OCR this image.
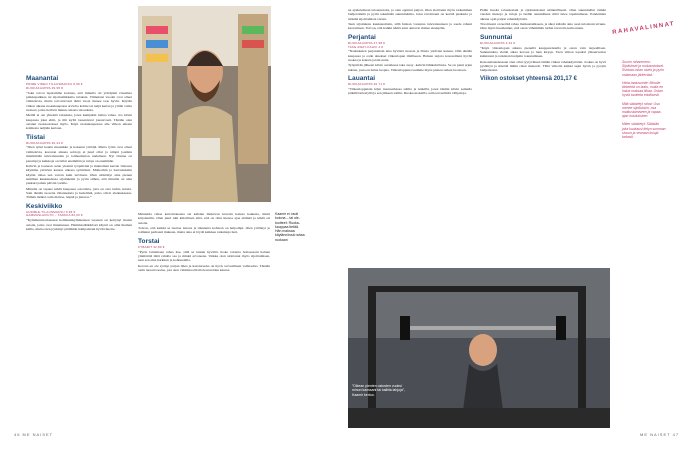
RAHAVALINNAT
Maanantai
PRIME VIDEO TILAUSMAKSU 8,99 €
RUOKAKAUPPA 29,95 €

”Joku toivoi lapsiamme koiruus, että minulla oli yrittäjänä viraalista paikkapaikkaa tai sijoitusliikkaita tuloksia. Viimeistet vuodet ovat olleet vaihtelevia, mutta toivottavasti tämä vuosi menee taas hyvin. Käytän viikon aikana ruokakaupassa arviolta kolme tai neljä kertaa ja yritän valita tuotteet, jotka tietävät minun omasta taloudesta.

Meillä ei ole yhteisiä talouksia, joten kumpikin laittaa rahaa. Jos kävin kaupassa joku ehtii, ja tilit kyllä tasaantuvat joustavasti. Tänään olen ostanut ruokaostokset myös. Käyn ruokakaupoissa alle viikon aikana kolmesta neljään kertaan.

Tiistai
RUOKAKAUPPA 30,24 €

”Olen työni kautta muusikko ja kokenut yrittäjä. Mutta työni ovat olleet vaihtelevia, koronan aikana soittoja ei juuri ollut ja niinpä jouduin miettimään tulevaisuuden ja toimeentulon uudelleen. Nyt tilanne on parempi ja keikkoja on tullut enemmän ja tuloja on enemmän.

Kahvin ja lounaan ostan yleensä työpäivinä ja muutaman kerran viikossa käymme ystävien kanssa ulkona syömässä. Matkoihin ja harrastuksiin käytän rahaa sen verran kuin tarvitsen. Olen säästänyt aina pienen summan kuukaudessa sijoituksiin ja pyrin siihen, että minulla on aina puskuri pahan päivän varalle.

Minulla on tapana tehdä kaupassa ostoslista, jotta en osta turhia asioita. Sain tänään tuoreita vihanneksia ja hedelmiä, jotka olivat alennuksessa. Tämän lisäksi ostin maitoa, leipää ja juustoa.”

Keskiviikko
AUDIBLE-TILAUSMAKSU 9,95 €
HAMMASHUOLTO – TARKKA 82,00 €

”Kymmenvuotiaaseen kolmisenkymmeneen vuoteen on kertynyt monia asioita, jotka ovat muuttuneet. Hammaslääkärissä käynti on ollut hieman kallis, mutta olen pyrkinyt pitämään hampaistani hyvää huolta.

Kaamir ei osoit kotona – tai ole- tuotteet: Ruoka- kauppaa tietää. Hän maksaa käytännössä rahaa ruokaan

Minuuttia rahaa kartoittaneena sai kahden mukavan kaverin kanssa kaikesta, mistä kirjoitettiin. Olen juuri niin kiitollinen siitä, että on ollut hienoa ajaa elämää ja tehdä eri asioita.

Toivon, että kaikki se tuottaa tulosta ja tilannetta kohtaan on helpompi. Olen yrittänyt ja toiminut parhaani mukaan, mutta aina ei löydä kaikkea ratkaisuja heti.

Torstai
KYBARIT 32,80 €

”Pyrin laittamaan rahaa itse, sillä se tuntuu hyvältä. Koko taloutta hoitaessani haluan ymmärtää mitä rahalla saa ja minkä arvoisena. Vaikka olen aloittanut myös sijoittamisen, teen sen aina harkiten ja kohtuudella.

Kotona en ole syönyt paljon lihaa ja kasvisruoka on hyvä, terveellinen vaihtoehto. Tänään ostin tuoretta kalaa, jota aion valmistaa illalla kavereiden kanssa.

na ajattelemaan talousasioita, ja olen oppinut paljon. Olen aloittanut myös tarkemman budjetoinnin ja pyrin tekemään suunnitelmia. Joku tavoitteeni on kerätä puskuria ja säästää sijoittamista varten.

Teen sijoituksia kuukausittain, sillä haluan varautua tulevaisuuteen ja saada rahani kasvamaan. Toivon, että kaikki nämä asiat auttavat minua eteenpäin.

Perjantai
RUOKAKAUPPA 47,98 €
TAKE AWAY-KAHVI 4 €

”Nautiskelen perjantaisin aina hyvästä ruoasta ja illasta ystävien kanssa. Olin tänään kaupassa ja ostin ainekset viikonlopun illalliseen. Haluan tarjota kavereilleni hyvää ruokaa ja kokata jotain uutta.

Työpäivän jälkeen kävin ostamassa take away -kahvin lähikahvilasta. Se on pieni arjen luksus, josta en halua luopua. Viikonloppuna teemme myös pienen retken luontoon.

Lauantai
RUOKAKAUPPA 26,71 €

”Viikonloppuisin käyn treenaamassa salilla ja lenkillä, joten tänään kävin aamulla pitkällä kävelyllä ja sen jälkeen salilla. Ruokaostoksilla ostin terveellisiä välipaloja.

Pidän huolta taloudestani ja sijoituksistani säännöllisesti. Olen suunnitellut tämän vuoden menoja ja tuloja ja tiedän suunnilleen mitä tulee tapahtumaan. Pandemian aikana opin paljon rahankäytöstä.

Tavoitteeni on kerätä rahaa matkustamiseen, ja siksi säästän aina osan tuloistani sivuun. Olen myös huomannut, että ostan vähemmän turhia tavaroita kuin ennen.

Sunnuntai
RUOKAKAUPPA 3,64 €

”Käyn viikonlopun aikana pienellä kauppareissulla ja ostan vain tarpeellisen. Sunnuntaina vietän aikaa kotona ja luen kirjoja. Teen viikon lopuksi yhteenvedon kuluistani ja tarkistan budjetin toteutumisen.

Kokonaisuudessaan olen ollut tyytyväinen tämän viikon rahankäyttööni. Joskus on hyvä pysähtyä ja miettiä mihin rahat menevät. Tällä viikolla kaikki sujui hyvin ja pysyin budjetissani.

Viikon ostokset yhteensä 201,17 €
”Oikean pienten ostosten vuoksi minun kanssani tai kalliita lahjoja”, Kaamir kertoo.

Suurin rahanmeno: Sijoitukset ja ruokaostokset. Ruokaa ostan usein ja pyrin ostamaan järkevästi.

Hinta-laatusuhde: Minulle tärkeintä on laatu, mutta en halua maksaa liikaa. Ostan hyviä tuotteita edullisesti.

Mitä säästetyt rahat: Osa menee sijoituksiin, osa matkustamiseen ja vapaa-ajan kulutukseen.

Miten säästetyt: Säästän joka kuukausi tietyn summan sivuun ja seuraan kuluja tarkasti.

46 ME NAISET	ME NAISET 47
